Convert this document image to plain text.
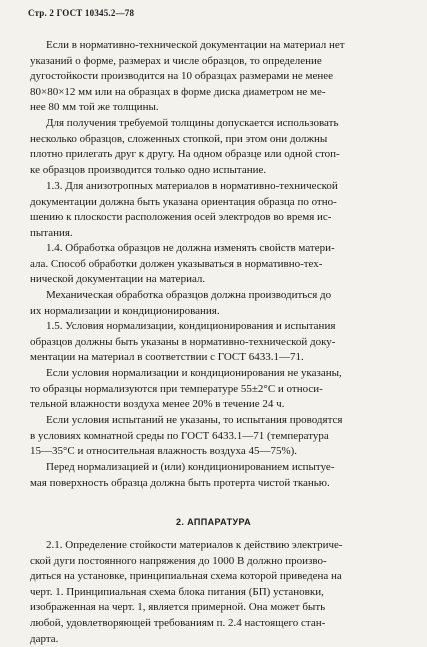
Стр. 2 ГОСТ 10345.2—78
Если в нормативно-технической документации на материал нет
указаний о форме, размерах и числе образцов, то определение
дугостойкости производится на 10 образцах размерами не менее
80×80×12 мм или на образцах в форме диска диаметром не ме-
нее 80 мм той же толщины.
Для получения требуемой толщины допускается использовать
несколько образцов, сложенных стопкой, при этом они должны
плотно прилегать друг к другу. На одном образце или одной стоп-
ке образцов производится только одно испытание.
1.3. Для анизотропных материалов в нормативно-технической
документации должна быть указана ориентация образца по отно-
шению к плоскости расположения осей электродов во время ис-
пытания.
1.4. Обработка образцов не должна изменять свойств матери-
ала. Способ обработки должен указываться в нормативно-тех-
нической документации на материал.
Механическая обработка образцов должна производиться до
их нормализации и кондиционирования.
1.5. Условия нормализации, кондиционирования и испытания
образцов должны быть указаны в нормативно-технической доку-
ментации на материал в соответствии с ГОСТ 6433.1—71.
Если условия нормализации и кондиционирования не указаны,
то образцы нормализуются при температуре 55±2°С и относи-
тельной влажности воздуха менее 20% в течение 24 ч.
Если условия испытаний не указаны, то испытания проводятся
в условиях комнатной среды по ГОСТ 6433.1—71 (температура
15—35°С и относительная влажность воздуха 45—75%).
Перед нормализацией и (или) кондиционированием испытуе-
мая поверхность образца должна быть протерта чистой тканью.
2. АППАРАТУРА
2.1. Определение стойкости материалов к действию электриче-
ской дуги постоянного напряжения до 1000 В должно произво-
диться на установке, принципиальная схема которой приведена на
черт. 1. Принципиальная схема блока питания (БП) установки,
изображенная на черт. 1, является примерной. Она может быть
любой, удовлетворяющей требованиям п. 2.4 настоящего стан-
дарта.
